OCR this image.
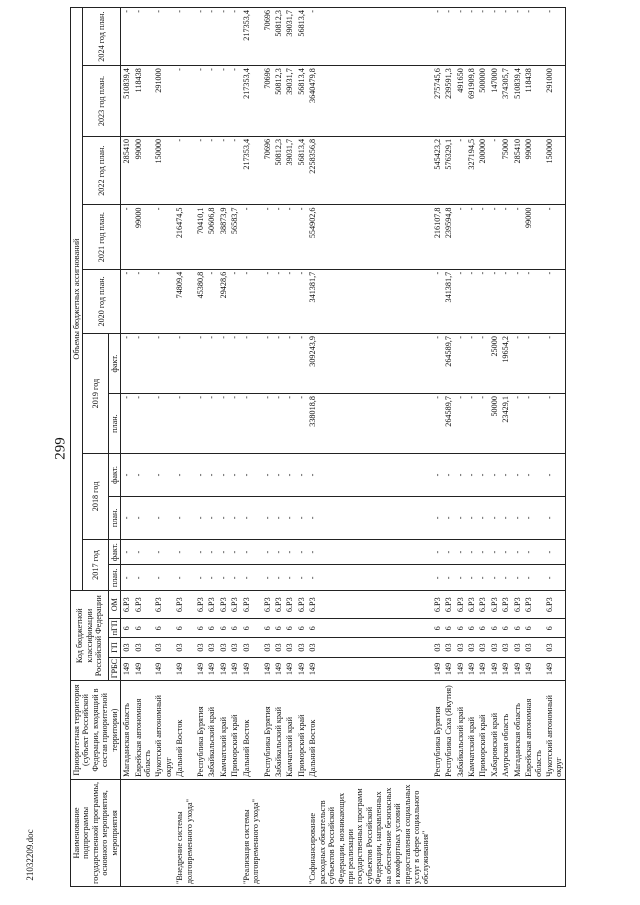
299
21032209.doc	Наименование подпрограммы государственной программы, основного мероприятия, мероприятия	Приоритетная территория (субъект Российской Федерации, входящий в состав приоритетной территории)	Код бюджетной классификации Российской Федерации				Объемы бюджетных ассигнований										
						2017 год		2018 год		2019 год		2020 год план.	2021 год план.	2022 год план.	2023 год план.	2024 год план.
		ГРБС	ГП	пГП	ОМ	план.	факт.	план.	факт.	план.	факт.					
	Магаданская область	149	03	6	6.Р3	-	-	-	-	-	-	-	-	285410	510839,4	-
	Еврейская автономная область	149	03	6	6.Р3	-	-	-	-	-	-	-	99000	99000	118438	-
	Чукотский автономный округ	149	03	6	6.Р3	-	-	-	-	-	-	-	-	150000	291000	-
"Внедрение системы долговременного ухода"	Дальний Восток	149	03	6	6.Р3	-	-	-	-	-	-	74809,4	216474,5	-	-	-
	Республика Бурятия	149	03	6	6.Р3	-	-	-	-	-	-	45380,8	70410,1	-	-	-
	Забайкальский край	149	03	6	6.Р3	-	-	-	-	-	-	-	50606,8	-	-	-
	Камчатский край	149	03	6	6.Р3	-	-	-	-	-	-	29428,6	38873,9	-	-	-
	Приморский край	149	03	6	6.Р3	-	-	-	-	-	-	-	56583,7	-	-	-
"Реализация системы долговременного ухода"	Дальний Восток	149	03	6	6.Р3	-	-	-	-	-	-	-	-	217353,4	217353,4	217353,4
	Республика Бурятия	149	03	6	6.Р3	-	-	-	-	-	-	-	-	70696	70696	70696
	Забайкальский край	149	03	6	6.Р3	-	-	-	-	-	-	-	-	50812,3	50812,3	50812,3
	Камчатский край	149	03	6	6.Р3	-	-	-	-	-	-	-	-	39031,7	39031,7	39031,7
	Приморский край	149	03	6	6.Р3	-	-	-	-	-	-	-	-	56813,4	56813,4	56813,4
"Софинансирование расходных обязательств субъектов Российской Федерации, возникающих при реализации государственных программ субъектов Российской Федерации, направленных на обеспечение безопасных и комфортных условий предоставления социальных услуг в сфере социального обслуживания"	Дальний Восток	149	03	6	6.Р3	-	-	-	-	338018,8	309243,9	341381,7	554902,6	2258356,8	3640479,8	-
	Республика Бурятия	149	03	6	6.Р3	-	-	-	-	-	-	-	216107,8	545423,2	275745,6	-
	Республика Саха (Якутия)	149	03	6	6.Р3	-	-	-	-	264589,7	264589,7	341381,7	239594,8	576329,1	239591,3	-
	Забайкальский край	149	03	6	6.Р3	-	-	-	-	-	-	-	-	-	491650	-
	Камчатский край	149	03	6	6.Р3	-	-	-	-	-	-	-	-	327194,5	691909,8	-
	Приморский край	149	03	6	6.Р3	-	-	-	-	-	-	-	-	200000	500000	-
	Хабаровский край	149	03	6	6.Р3	-	-	-	-	50000	25000	-	-	-	147000	-
	Амурская область	149	03	6	6.Р3	-	-	-	-	23429,1	19654,2	-	-	75000	374305,7	-
	Магаданская область	149	03	6	6.Р3	-	-	-	-	-	-	-	-	285410	510839,4	-
	Еврейская автономная область	149	03	6	6.Р3	-	-	-	-	-	-	-	99000	99000	118438	-
	Чукотский автономный округ	149	03	6	6.Р3	-	-	-	-	-	-	-	-	150000	291000	-
